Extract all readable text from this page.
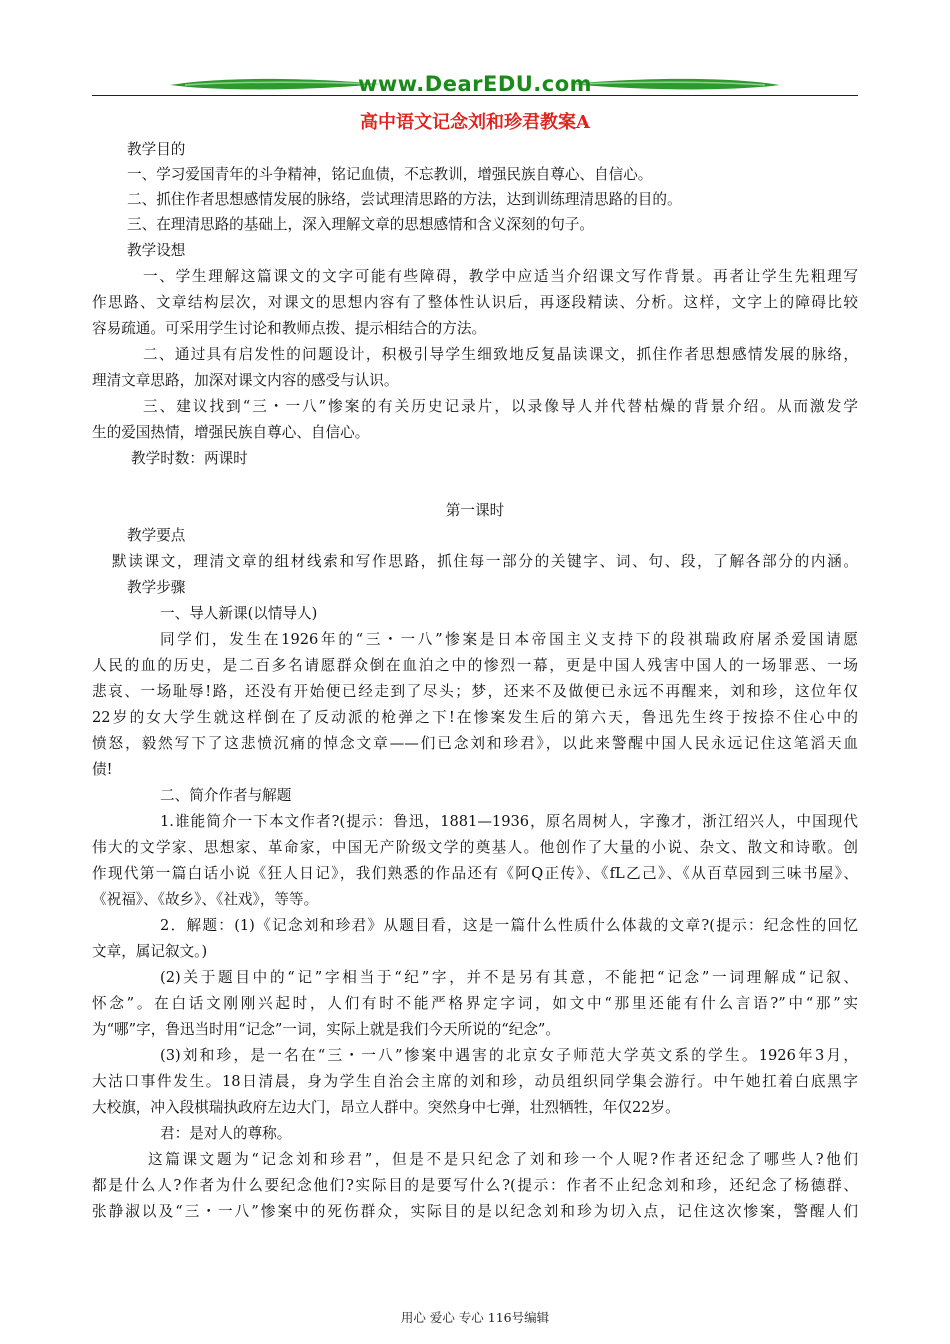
www.DearEDU.com
高中语文记念刘和珍君教案A
教学目的
一、学习爱国青年的斗争精神，铭记血债，不忘教训，增强民族自尊心、自信心。
二、抓住作者思想感情发展的脉络，尝试理清思路的方法，达到训练理清思路的目的。
三、在理清思路的基础上，深入理解文章的思想感情和含义深刻的句子。
教学设想
一、学生理解这篇课文的文字可能有些障碍，教学中应适当介绍课文写作背景。再者让学生先粗理写
作思路、文章结构层次，对课文的思想内容有了整体性认识后，再逐段精读、分析。这样，文字上的障碍比较
容易疏通。可采用学生讨论和教师点拨、提示相结合的方法。
二、通过具有启发性的问题设计，积极引导学生细致地反复晶读课文，抓住作者思想感情发展的脉络，
理清文章思路，加深对课文内容的感受与认识。
三、建议找到“三・一八”惨案的有关历史记录片，以录像导人并代替枯燥的背景介绍。从而激发学
生的爱国热情，增强民族自尊心、自信心。
教学时数：两课时
第一课时
教学要点
默读课文，理清文章的组材线索和写作思路，抓住每一部分的关键字、词、句、段，了解各部分的内涵。
教学步骤
一、导人新课(以情导人)
同学们，发生在1926年的“三・一八”惨案是日本帝国主义支持下的段祺瑞政府屠杀爱国请愿
人民的血的历史，是二百多名请愿群众倒在血泊之中的惨烈一幕，更是中国人残害中国人的一场罪恶、一场
悲哀、一场耻辱!路，还没有开始便已经走到了尽头；梦，还来不及做便已永远不再醒来，刘和珍，这位年仅
22岁的女大学生就这样倒在了反动派的枪弹之下!在惨案发生后的第六天，鲁迅先生终于按捺不住心中的
愤怒，毅然写下了这悲愤沉痛的悼念文章——们已念刘和珍君》，以此来警醒中国人民永远记住这笔滔天血
债!
二、简介作者与解题
1.谁能简介一下本文作者?(提示：鲁迅，1881—1936，原名周树人，字豫才，浙江绍兴人，中国现代
伟大的文学家、思想家、革命家，中国无产阶级文学的奠基人。他创作了大量的小说、杂文、散文和诗歌。创
作现代第一篇白话小说《狂人日记》，我们熟悉的作品还有《阿Q正传》、《fL乙己》、《从百草园到三味书屋》、
《祝福》、《故乡》、《社戏》，等等。
2．解题：(1)《记念刘和珍君》从题目看，这是一篇什么性质什么体裁的文章?(提示：纪念性的回忆
文章，属记叙文。)
(2)关于题目中的“记”字相当于“纪”字，并不是另有其意，不能把“记念”一词理解成“记叙、
怀念”。在白话文刚刚兴起时，人们有时不能严格界定字词，如文中“那里还能有什么言语?”中“那”实
为“哪”字，鲁迅当时用“记念”一词，实际上就是我们今天所说的“纪念”。
(3)刘和珍，是一名在“三・一八”惨案中遇害的北京女子师范大学英文系的学生。1926年3月，
大沽口事件发生。18日清晨，身为学生自治会主席的刘和珍，动员组织同学集会游行。中午她扛着白底黑字
大校旗，冲入段棋瑞执政府左边大门，昂立人群中。突然身中七弹，壮烈牺牲，年仅22岁。
君：是对人的尊称。
这篇课文题为“记念刘和珍君”，但是不是只纪念了刘和珍一个人呢?作者还纪念了哪些人?他们
都是什么人?作者为什么要纪念他们?实际目的是要写什么?(提示：作者不止纪念刘和珍，还纪念了杨德群、
张静淑以及“三・一八”惨案中的死伤群众，实际目的是以纪念刘和珍为切入点，记住这次惨案，警醒人们
用心 爱心 专心 116号编辑
